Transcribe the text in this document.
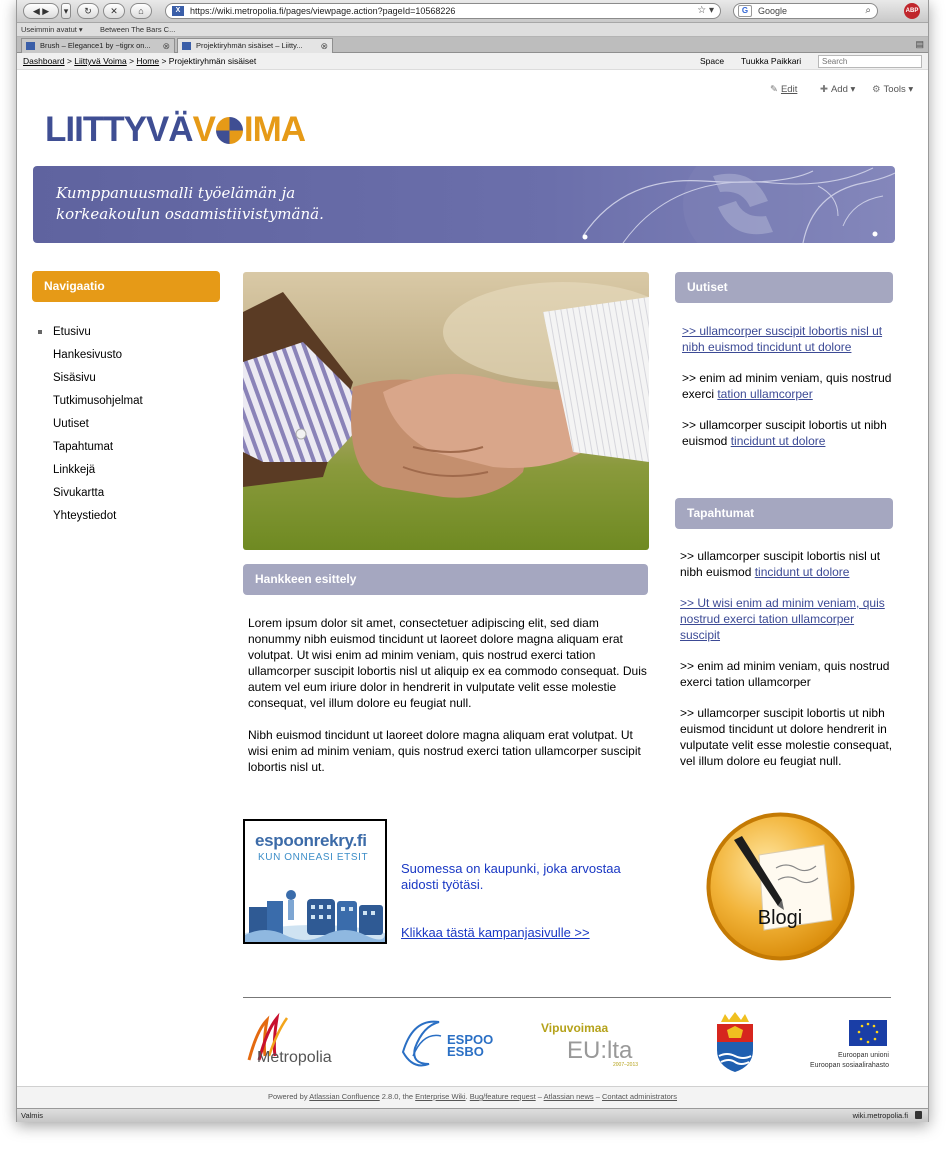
◀ ▶	▾	↻	✕	⌂	X	https://wiki.metropolia.fi/pages/viewpage.action?pageId=10568226	☆ ▾	G	Google	⌕	ABP
Useimmin avatut ▾ Between The Bars C...
Brush – Elegance1 by ~tigrx on... ⊗	Projektiryhmän sisäiset – Liitty... ⊗	▤
Dashboard > Liittyvä Voima > Home > Projektiryhmän sisäiset	Space Tuukka Paikkari
Search
✎ Edit ✚ Add ▾ ⚙ Tools ▾
LIITTYVÄV IMA
Kumppanuusmalli työelämän ja
korkeakoulun osaamistiivistymänä.
Navigaatio
Etusivu
Hankesivusto
Sisäsivu
Tutkimusohjelmat
Uutiset
Tapahtumat
Linkkejä
Sivukartta
Yhteystiedot
Hankkeen esittely

Lorem ipsum dolor sit amet, consectetuer adipiscing elit, sed diam nonummy nibh euismod tincidunt ut laoreet dolore magna aliquam erat volutpat. Ut wisi enim ad minim veniam, quis nostrud exerci tation ullamcorper suscipit lobortis nisl ut aliquip ex ea commodo consequat. Duis autem vel eum iriure dolor in hendrerit in vulputate velit esse molestie consequat, vel illum dolore eu feugiat null.

Nibh euismod tincidunt ut laoreet dolore magna aliquam erat volutpat. Ut wisi enim ad minim veniam, quis nostrud exerci tation ullamcorper suscipit lobortis nisl ut.

Uutiset

>> ullamcorper suscipit lobortis nisl ut nibh euismod tincidunt ut dolore

>> enim ad minim veniam, quis nostrud exerci tation ullamcorper

>> ullamcorper suscipit lobortis ut nibh euismod tincidunt ut dolore

Tapahtumat

>> ullamcorper suscipit lobortis nisl ut nibh euismod tincidunt ut dolore

>> Ut wisi enim ad minim veniam, quis nostrud exerci tation ullamcorper suscipit

>> enim ad minim veniam, quis nostrud exerci tation ullamcorper

>> ullamcorper suscipit lobortis ut nibh euismod tincidunt ut dolore hendrerit in vulputate velit esse molestie consequat, vel illum dolore eu feugiat null.

espoonrekry.fi
KUN ONNEASI ETSIT
Suomessa on kaupunki, joka arvostaa aidosti työtäsi.
Klikkaa tästä kampanjasivulle >>
Blogi
Metropolia
ESPOO
ESBO
Vipuvoimaa
EU:lta
2007–2013
Euroopan unioni
Euroopan sosiaalirahasto
Powered by Atlassian Confluence 2.8.0, the Enterprise Wiki. Bug/feature request – Atlassian news – Contact administrators
Valmis	wiki.metropolia.fi
